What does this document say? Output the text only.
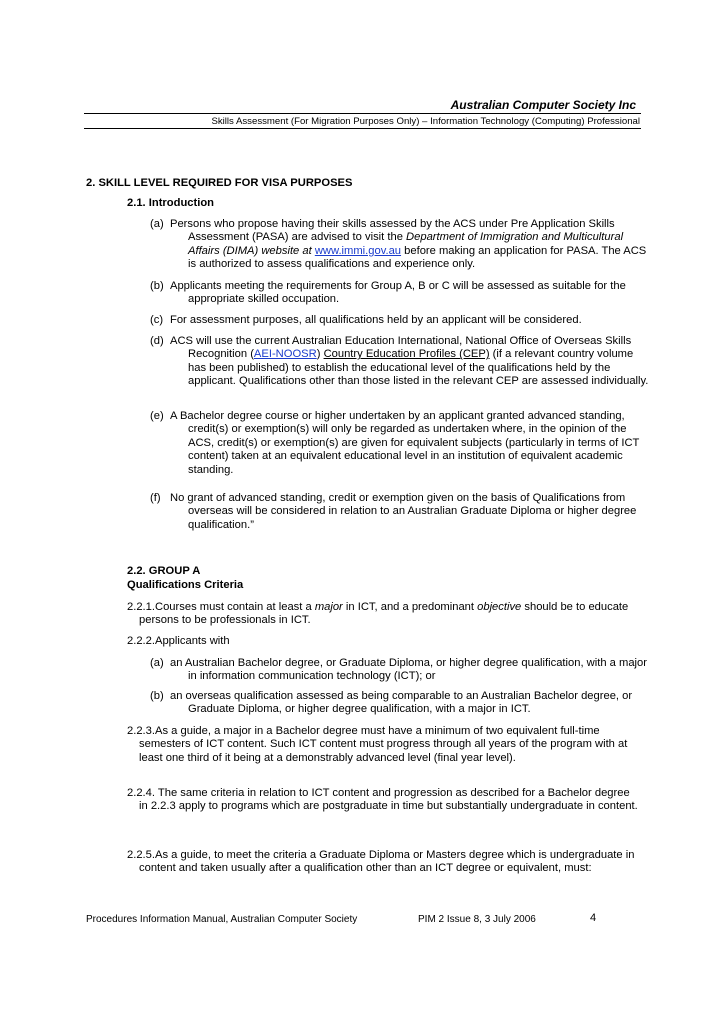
Australian Computer Society Inc
Skills Assessment (For Migration Purposes Only) – Information Technology (Computing) Professional
2. SKILL LEVEL REQUIRED FOR VISA PURPOSES
2.1. Introduction
(a) Persons who propose having their skills assessed by the ACS under Pre Application Skills Assessment (PASA) are advised to visit the Department of Immigration and Multicultural Affairs (DIMA) website at www.immi.gov.au before making an application for PASA. The ACS is authorized to assess qualifications and experience only.
(b) Applicants meeting the requirements for Group A, B or C will be assessed as suitable for the appropriate skilled occupation.
(c) For assessment purposes, all qualifications held by an applicant will be considered.
(d) ACS will use the current Australian Education International, National Office of Overseas Skills Recognition (AEI-NOOSR) Country Education Profiles (CEP) (if a relevant country volume has been published) to establish the educational level of the qualifications held by the applicant. Qualifications other than those listed in the relevant CEP are assessed individually.
(e) A Bachelor degree course or higher undertaken by an applicant granted advanced standing, credit(s) or exemption(s) will only be regarded as undertaken where, in the opinion of the ACS, credit(s) or exemption(s) are given for equivalent subjects (particularly in terms of ICT content) taken at an equivalent educational level in an institution of equivalent academic standing.
(f) No grant of advanced standing, credit or exemption given on the basis of Qualifications from overseas will be considered in relation to an Australian Graduate Diploma or higher degree qualification.”
2.2. GROUP A
Qualifications Criteria
2.2.1.Courses must contain at least a major in ICT, and a predominant objective should be to educate persons to be professionals in ICT.
2.2.2.Applicants with
(a) an Australian Bachelor degree, or Graduate Diploma, or higher degree qualification, with a major in information communication technology (ICT); or
(b) an overseas qualification assessed as being comparable to an Australian Bachelor degree, or Graduate Diploma, or higher degree qualification, with a major in ICT.
2.2.3.As a guide, a major in a Bachelor degree must have a minimum of two equivalent full-time semesters of ICT content. Such ICT content must progress through all years of the program with at least one third of it being at a demonstrably advanced level (final year level).
2.2.4. The same criteria in relation to ICT content and progression as described for a Bachelor degree in 2.2.3 apply to programs which are postgraduate in time but substantially undergraduate in content.
2.2.5.As a guide, to meet the criteria a Graduate Diploma or Masters degree which is undergraduate in content and taken usually after a qualification other than an ICT degree or equivalent, must:
Procedures Information Manual, Australian Computer Society	PIM 2 Issue 8, 3 July 2006	4
